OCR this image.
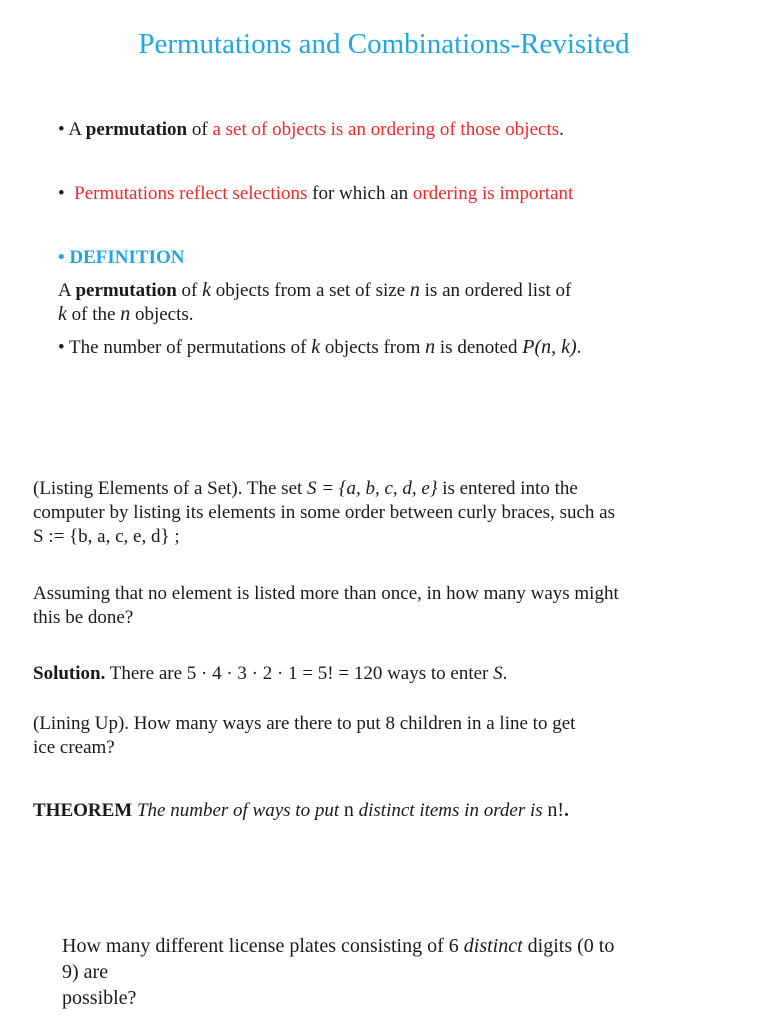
Permutations and Combinations-Revisited
• A permutation of a set of objects is an ordering of those objects.
• Permutations reflect selections for which an ordering is important
• DEFINITION
A permutation of k objects from a set of size n is an ordered list of
k of the n objects.
• The number of permutations of k objects from n is denoted P(n, k).
(Listing Elements of a Set). The set S = {a, b, c, d, e} is entered into the
computer by listing its elements in some order between curly braces, such as
S := {b, a, c, e, d} ;
Assuming that no element is listed more than once, in how many ways might
this be done?
Solution. There are 5 · 4 · 3 · 2 · 1 = 5! = 120 ways to enter S.
(Lining Up). How many ways are there to put 8 children in a line to get
ice cream?
THEOREM The number of ways to put n distinct items in order is n!.
How many different license plates consisting of 6 distinct digits (0 to
9) are
possible?
